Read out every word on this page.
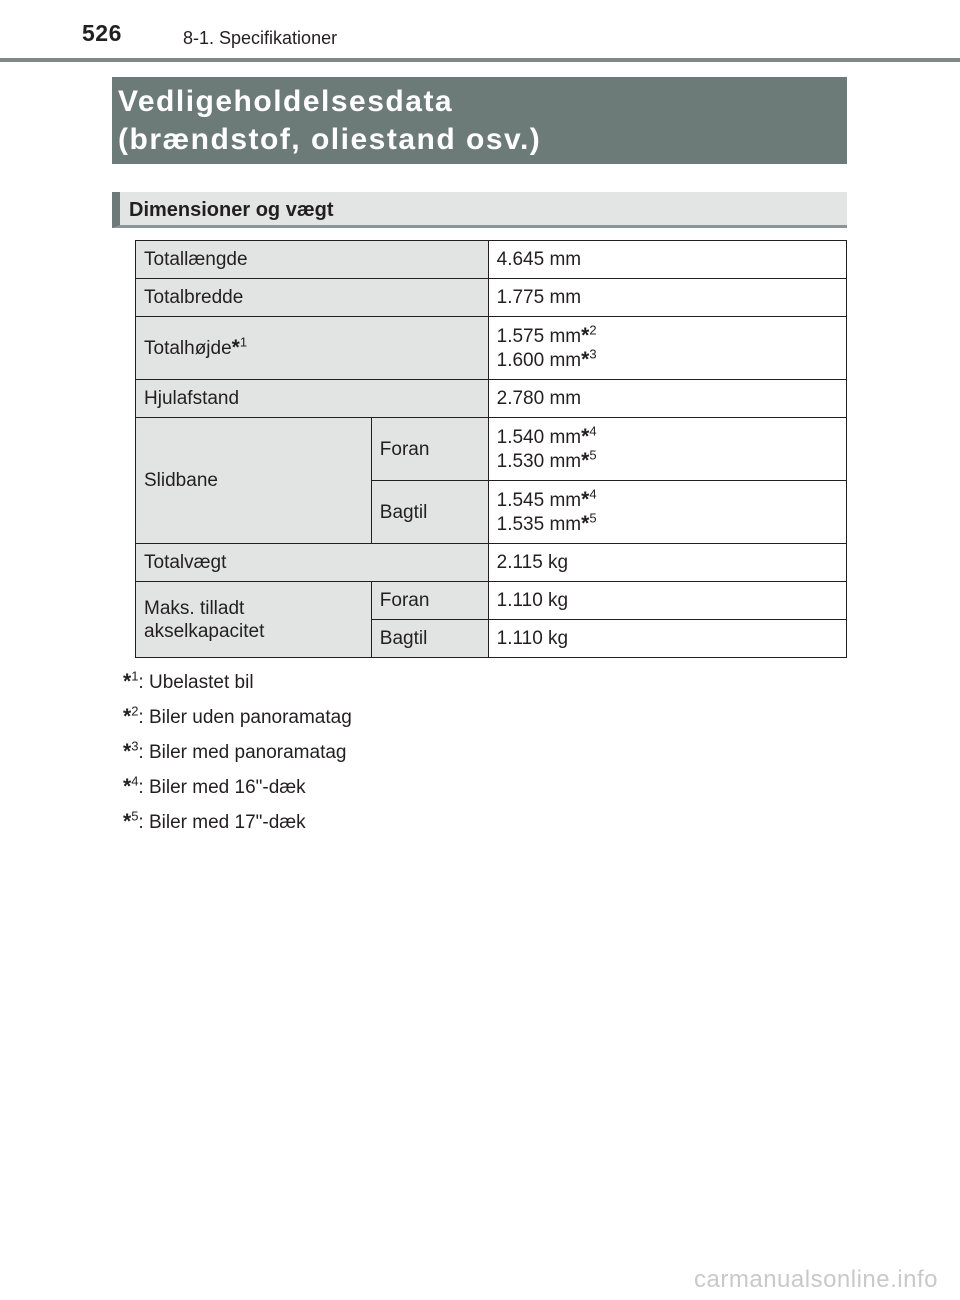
526	8-1. Specifikationer
Vedligeholdelsesdata
(brændstof, oliestand osv.)
Dimensioner og vægt
Totallængde		4.645 mm
Totalbredde		1.775 mm
Totalhøjde*$^1$		1.575 mm*$^2$
1.600 mm*$^3$

Hjulafstand		2.780 mm
Slidbane	Foran	1.540 mm*$^4$
1.530 mm*$^5$

	Bagtil	1.545 mm*$^4$
1.535 mm*$^5$

Totalvægt		2.115 kg

Maks. tilladt
akselkapacitet	Foran	1.110 kg
	Bagtil	1.110 kg
*$^1$: Ubelastet bil
*$^2$: Biler uden panoramatag
*$^3$: Biler med panoramatag
*$^4$: Biler med 16"-dæk
*$^5$: Biler med 17"-dæk
carmanualsonline.info
